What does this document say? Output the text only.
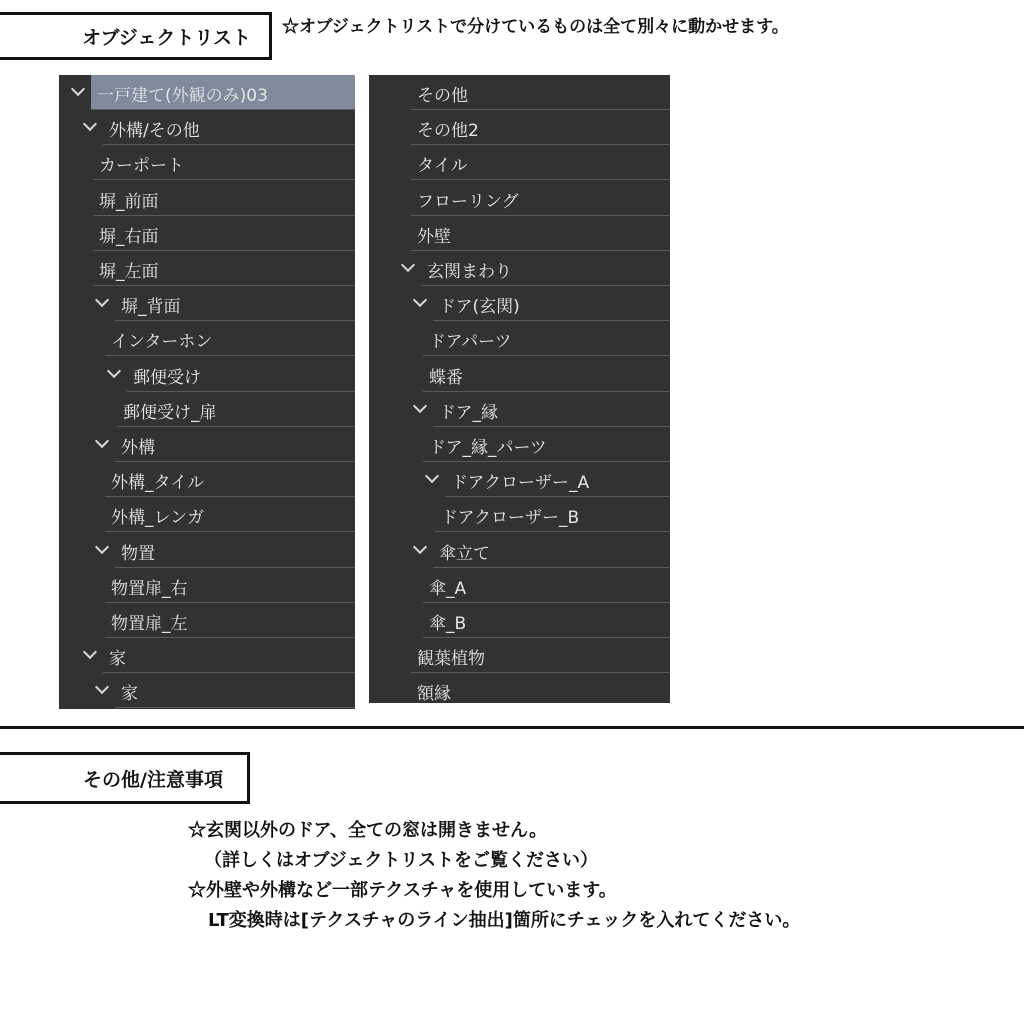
オブジェクトリスト ☆オブジェクトリストで分けているものは全て別々に動かせます。
一戸建て(外観のみ)03
外構/その他
カーポート
塀_前面
塀_右面
塀_左面
塀_背面
インターホン
郵便受け
郵便受け_扉
外構
外構_タイル
外構_レンガ
物置
物置扉_右
物置扉_左
家
家
その他
その他2
タイル
フローリング
外壁
玄関まわり
ドア(玄関)
ドアパーツ
蝶番
ドア_縁
ドア_縁_パーツ
ドアクローザー_A
ドアクローザー_B
傘立て
傘_A
傘_B
観葉植物
額縁
その他/注意事項
☆玄関以外のドア、全ての窓は開きません。
（詳しくはオブジェクトリストをご覧ください）
☆外壁や外構など一部テクスチャを使用しています。
LT変換時は[テクスチャのライン抽出]箇所にチェックを入れてください。
